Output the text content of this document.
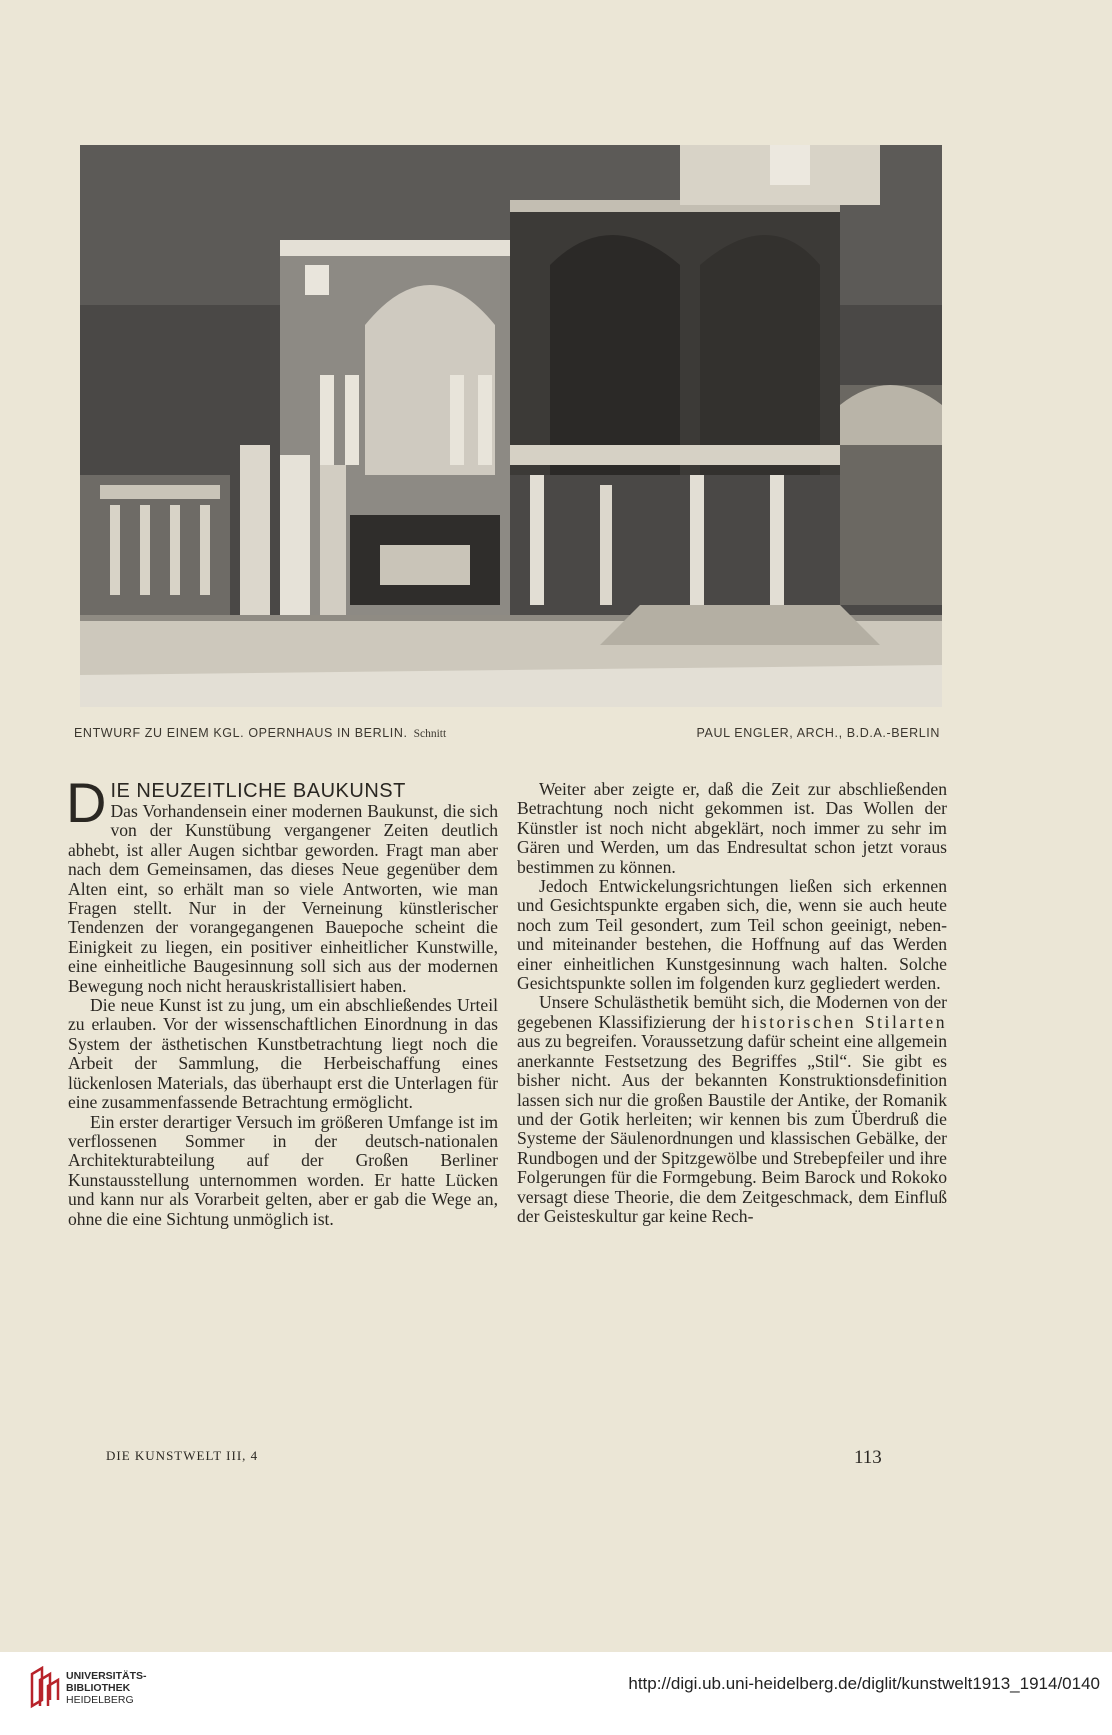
ENTWURF ZU EINEM KGL. OPERNHAUS IN BERLIN. Schnitt	PAUL ENGLER, ARCH., B.D.A.-BERLIN

D IE NEUZEITLICHE BAUKUNST
Das Vorhandensein einer modernen Baukunst, die sich von der Kunstübung vergangener Zeiten deutlich abhebt, ist aller Augen sichtbar geworden. Fragt man aber nach dem Gemeinsamen, das dieses Neue gegenüber dem Alten eint, so erhält man so viele Antworten, wie man Fragen stellt. Nur in der Verneinung künstlerischer Tendenzen der vorangegangenen Bauepoche scheint die Einigkeit zu liegen, ein positiver einheitlicher Kunstwille, eine einheitliche Baugesinnung soll sich aus der modernen Bewegung noch nicht herauskristallisiert haben.

Die neue Kunst ist zu jung, um ein abschließendes Urteil zu erlauben. Vor der wissenschaftlichen Einordnung in das System der ästhetischen Kunstbetrachtung liegt noch die Arbeit der Sammlung, die Herbeischaffung eines lückenlosen Materials, das überhaupt erst die Unterlagen für eine zusammenfassende Betrachtung ermöglicht.

Ein erster derartiger Versuch im größeren Umfange ist im verflossenen Sommer in der deutsch-nationalen Architekturabteilung auf der Großen Berliner Kunstausstellung unternommen worden. Er hatte Lücken und kann nur als Vorarbeit gelten, aber er gab die Wege an, ohne die eine Sichtung unmöglich ist.

Weiter aber zeigte er, daß die Zeit zur abschließenden Betrachtung noch nicht gekommen ist. Das Wollen der Künstler ist noch nicht abgeklärt, noch immer zu sehr im Gären und Werden, um das Endresultat schon jetzt voraus bestimmen zu können.

Jedoch Entwickelungsrichtungen ließen sich erkennen und Gesichtspunkte ergaben sich, die, wenn sie auch heute noch zum Teil gesondert, zum Teil schon geeinigt, neben- und miteinander bestehen, die Hoffnung auf das Werden einer einheitlichen Kunstgesinnung wach halten. Solche Gesichtspunkte sollen im folgenden kurz gegliedert werden.

Unsere Schulästhetik bemüht sich, die Modernen von der gegebenen Klassifizierung der historischen Stilarten aus zu begreifen. Voraussetzung dafür scheint eine allgemein anerkannte Festsetzung des Begriffes „Stil“. Sie gibt es bisher nicht. Aus der bekannten Konstruktionsdefinition lassen sich nur die großen Baustile der Antike, der Romanik und der Gotik herleiten; wir kennen bis zum Überdruß die Systeme der Säulenordnungen und klassischen Gebälke, der Rundbogen und der Spitzgewölbe und Strebepfeiler und ihre Folgerungen für die Formgebung. Beim Barock und Rokoko versagt diese Theorie, die dem Zeitgeschmack, dem Einfluß der Geisteskultur gar keine Rech-

DIE KUNSTWELT III, 4	113
UNIVERSITÄTS-
BIBLIOTHEK
HEIDELBERG
http://digi.ub.uni-heidelberg.de/diglit/kunstwelt1913_1914/0140
